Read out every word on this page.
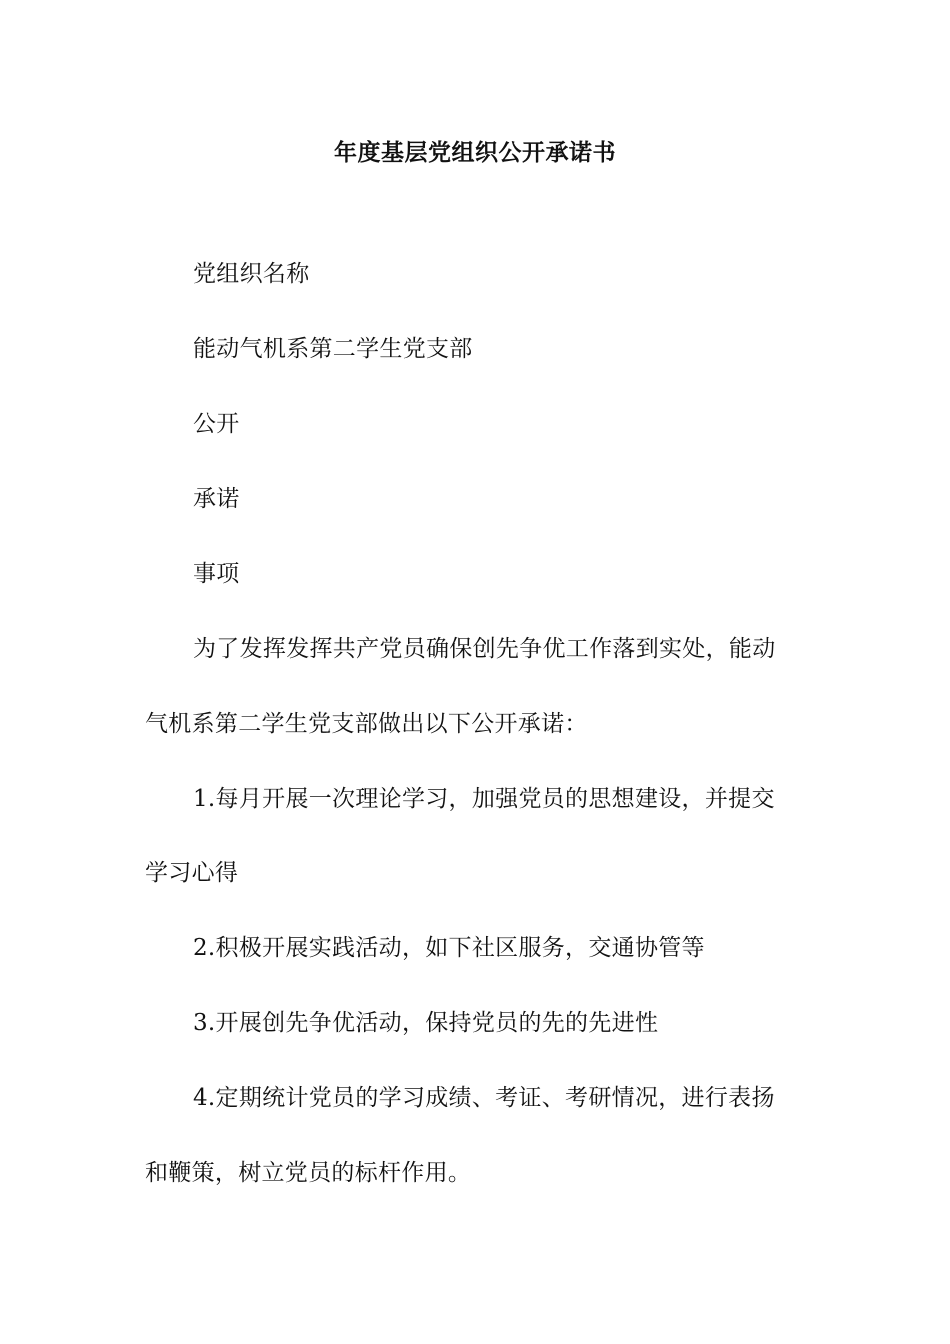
年度基层党组织公开承诺书
党组织名称
能动气机系第二学生党支部
公开
承诺
事项
为了发挥发挥共产党员确保创先争优工作落到实处，能动
气机系第二学生党支部做出以下公开承诺：
1.每月开展一次理论学习，加强党员的思想建设，并提交
学习心得
2.积极开展实践活动，如下社区服务，交通协管等
3.开展创先争优活动，保持党员的先的先进性
4.定期统计党员的学习成绩、考证、考研情况，进行表扬
和鞭策，树立党员的标杆作用。
